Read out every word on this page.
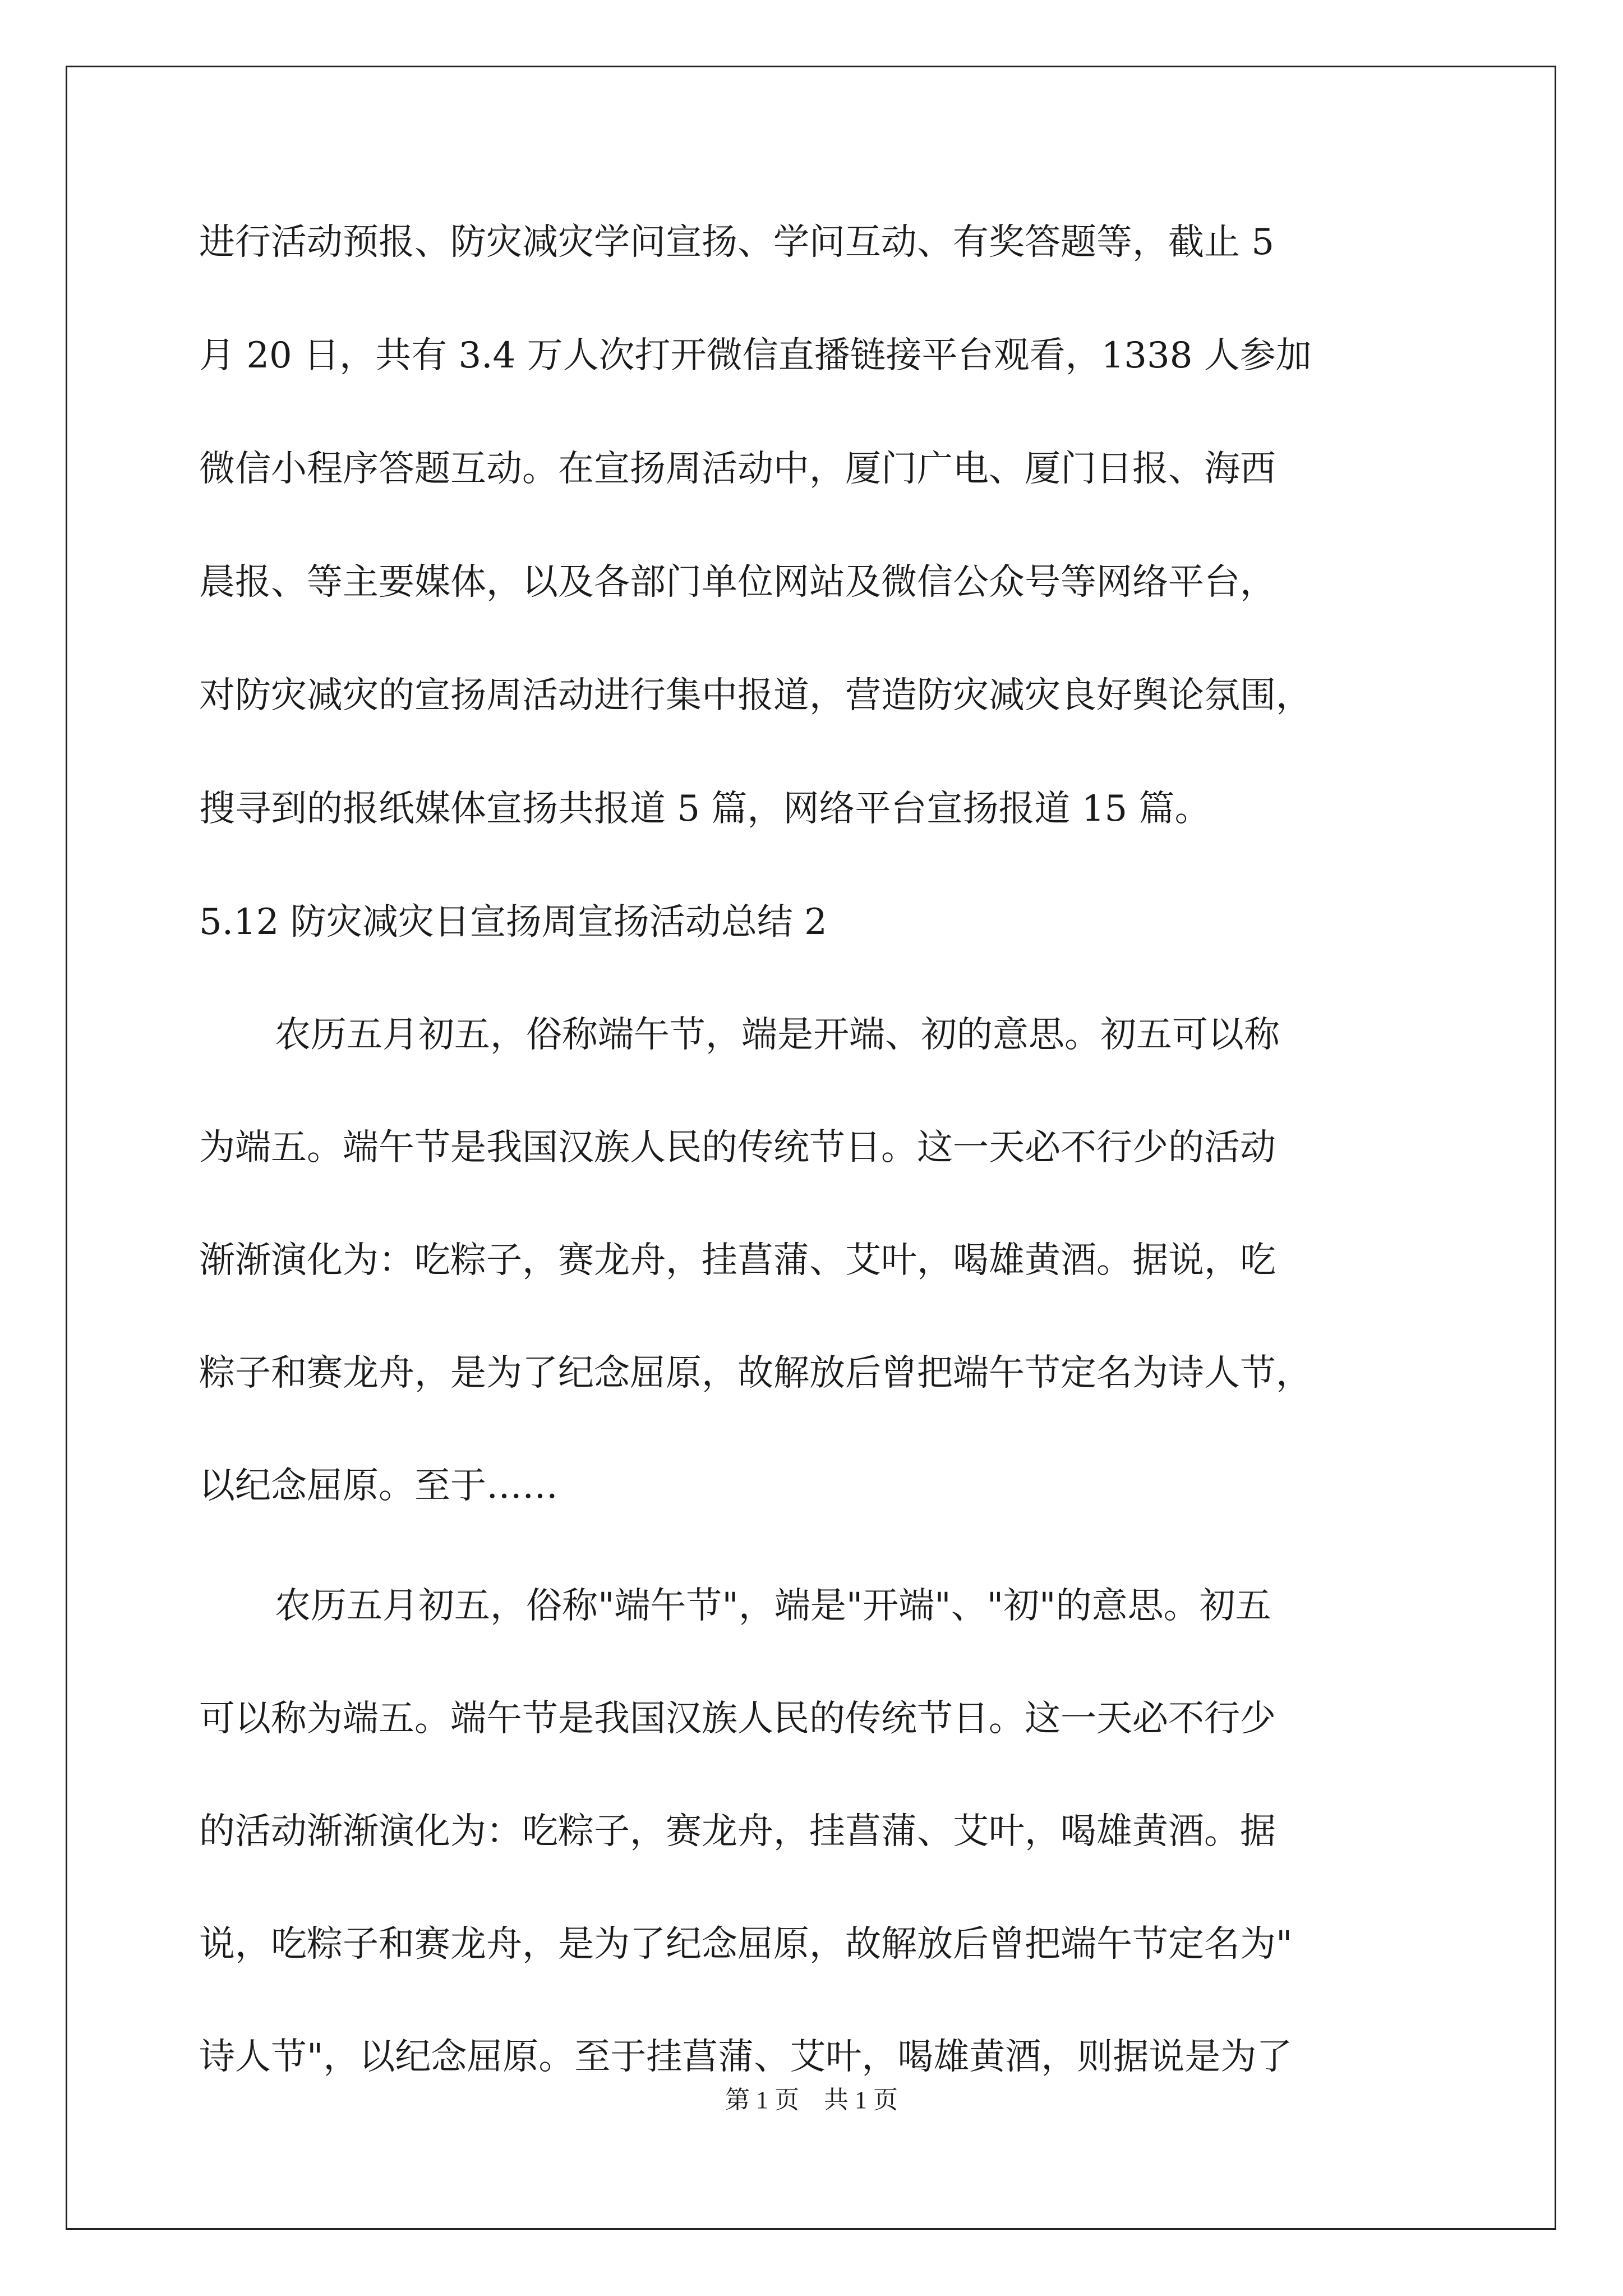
进行活动预报、防灾减灾学问宣扬、学问互动、有奖答题等，截止 5

月 20 日，共有 3.4 万人次打开微信直播链接平台观看，1338 人参加

微信小程序答题互动。在宣扬周活动中，厦门广电、厦门日报、海西

晨报、等主要媒体，以及各部门单位网站及微信公众号等网络平台，

对防灾减灾的宣扬周活动进行集中报道，营造防灾减灾良好舆论氛围，

搜寻到的报纸媒体宣扬共报道 5 篇，网络平台宣扬报道 15 篇。

5.12 防灾减灾日宣扬周宣扬活动总结 2

农历五月初五，俗称端午节，端是开端、初的意思。初五可以称

为端五。端午节是我国汉族人民的传统节日。这一天必不行少的活动

渐渐演化为：吃粽子，赛龙舟，挂菖蒲、艾叶，喝雄黄酒。据说，吃

粽子和赛龙舟，是为了纪念屈原，故解放后曾把端午节定名为诗人节，

以纪念屈原。至于……

农历五月初五，俗称"端午节"，端是"开端"、"初"的意思。初五

可以称为端五。端午节是我国汉族人民的传统节日。这一天必不行少

的活动渐渐演化为：吃粽子，赛龙舟，挂菖蒲、艾叶，喝雄黄酒。据

说，吃粽子和赛龙舟，是为了纪念屈原，故解放后曾把端午节定名为"

诗人节"，以纪念屈原。至于挂菖蒲、艾叶，喝雄黄酒，则据说是为了

第 1 页　共 1 页
